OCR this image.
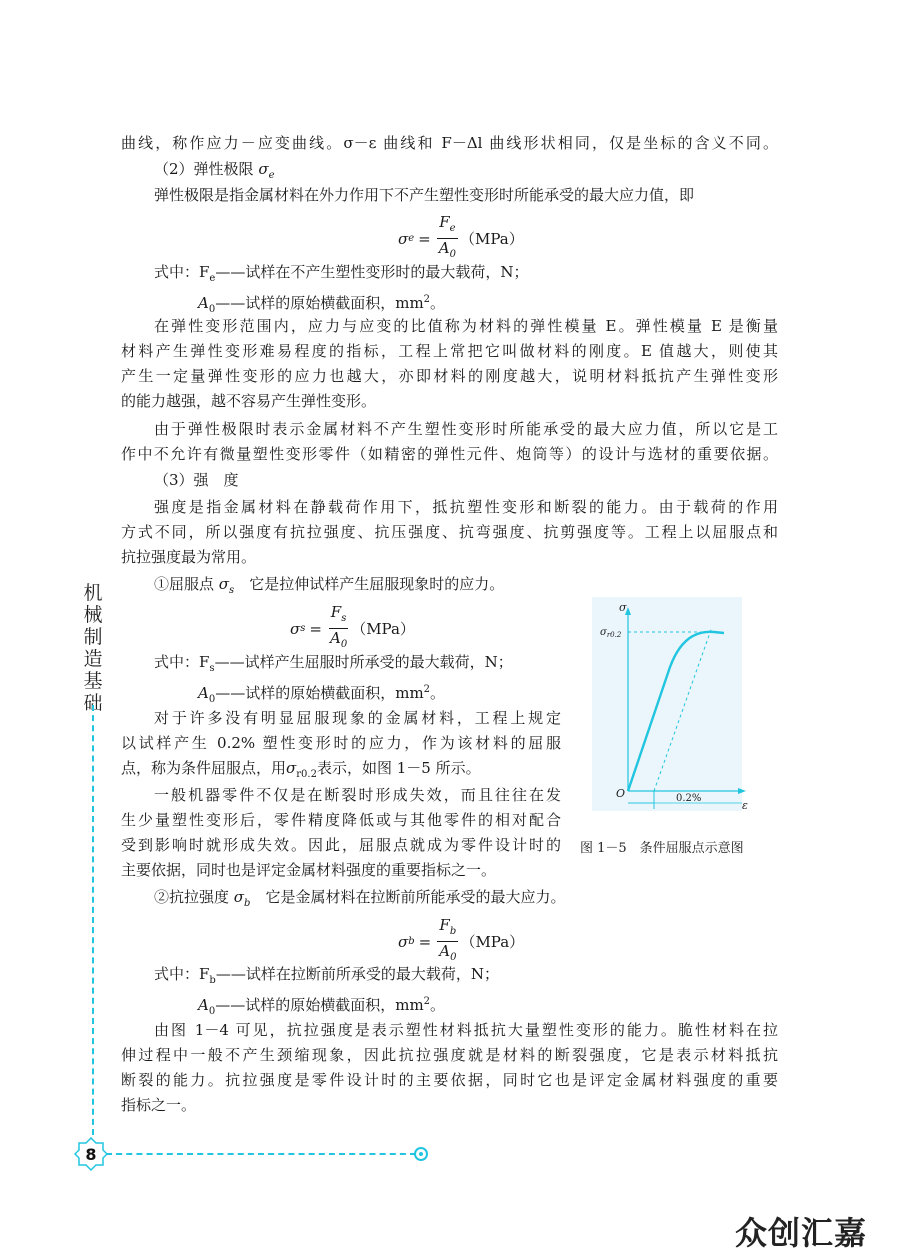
曲线，称作应力－应变曲线。σ－ε 曲线和 F－Δl 曲线形状相同，仅是坐标的含义不同。
（2）弹性极限 $\sigma_e$
弹性极限是指金属材料在外力作用下不产生塑性变形时所能承受的最大应力值，即
σ $e = \frac{F_e}{A_0} (MPa)$
式中：$F_e——$试样在不产生塑性变形时的最大载荷，N；
$A_0——$试样的原始横截面积，$mm^2$。
在弹性变形范围内，应力与应变的比值称为材料的弹性模量 E。弹性模量 E 是衡量
材料产生弹性变形难易程度的指标，工程上常把它叫做材料的刚度。E 值越大，则使其
产生一定量弹性变形的应力也越大，亦即材料的刚度越大，说明材料抵抗产生弹性变形
的能力越强，越不容易产生弹性变形。
由于弹性极限时表示金属材料不产生塑性变形时所能承受的最大应力值，所以它是工
作中不允许有微量塑性变形零件（如精密的弹性元件、炮筒等）的设计与选材的重要依据。
（3）强　度
强度是指金属材料在静载荷作用下，抵抗塑性变形和断裂的能力。由于载荷的作用
方式不同，所以强度有抗拉强度、抗压强度、抗弯强度、抗剪强度等。工程上以屈服点和
抗拉强度最为常用。
①屈服点 $\sigma_s$　 它是拉伸试样产生屈服现象时的应力。
σ $s = \frac{F_s}{A_0} (MPa)$
式中：$F_s——$试样产生屈服时所承受的最大载荷，N；
$A_0——$试样的原始横截面积，$mm^2$。
对于许多没有明显屈服现象的金属材料，工程上规定
以试样产生 0.2% 塑性变形时的应力，作为该材料的屈服
点，称为条件屈服点，用$\sigma_{r0.2}$表示，如图 1－5 所示。
一般机器零件不仅是在断裂时形成失效，而且往往在发
生少量塑性变形后，零件精度降低或与其他零件的相对配合
受到影响时就形成失效。因此，屈服点就成为零件设计时的
主要依据，同时也是评定金属材料强度的重要指标之一。
②抗拉强度 $\sigma_b$　 它是金属材料在拉断前所能承受的最大应力。
σ $b = \frac{F_b}{A_0} (MPa)$
式中：$F_b——$试样在拉断前所承受的最大载荷，N；
$A_0——$试样的原始横截面积，$mm^2$。
由图 1－4 可见，抗拉强度是表示塑性材料抵抗大量塑性变形的能力。脆性材料在拉
伸过程中一般不产生颈缩现象，因此抗拉强度就是材料的断裂强度，它是表示材料抵抗
断裂的能力。抗拉强度是零件设计时的主要依据，同时它也是评定金属材料强度的重要
指标之一。
σ
ε
O
$\sigma_{r0.2}$
0.2%
图 1－5　条件屈服点示意图
机械制造基础
8
众创汇嘉
